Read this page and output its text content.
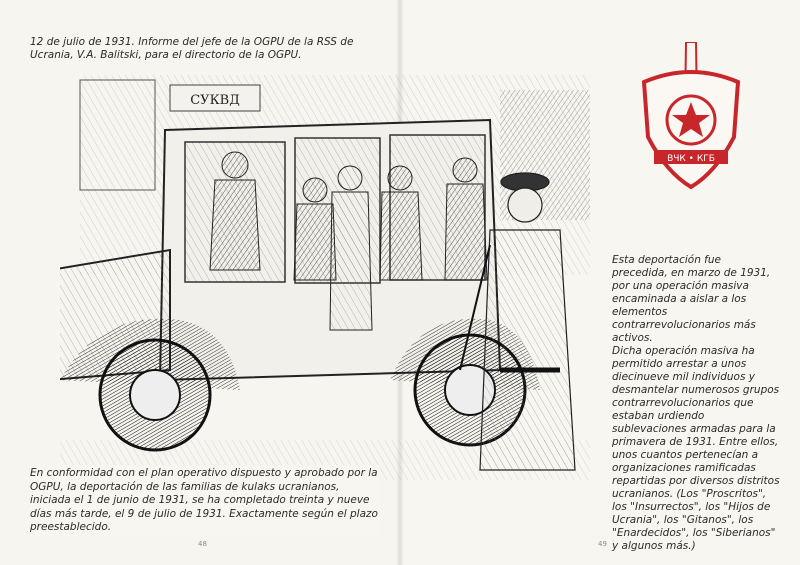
СУКВД
ВЧК • КГБ
12 de julio de 1931. Informe del jefe de la OGPU de la RSS de Ucrania, V.A. Balitski, para el directorio de la OGPU.
En conformidad con el plan operativo dispuesto y aprobado por la OGPU, la deportación de las familias de kulaks ucranianos, iniciada el 1 de junio de 1931, se ha completado treinta y nueve días más tarde, el 9 de julio de 1931. Exactamente según el plazo preestablecido.
48

Esta deportación fue precedida, en marzo de 1931, por una operación masiva encaminada a aislar a los elementos contrarrevolucionarios más activos.

Dicha operación masiva ha permitido arrestar a unos diecinueve mil individuos y desmantelar numerosos grupos contrarrevolucionarios que estaban urdiendo sublevaciones armadas para la primavera de 1931. Entre ellos, unos cuantos pertenecían a organizaciones ramificadas repartidas por diversos distritos ucranianos. (Los "Proscritos", los "Insurrectos", los "Hijos de Ucrania", los "Gitanos", los "Enardecidos", los "Siberianos" y algunos más.)

49
